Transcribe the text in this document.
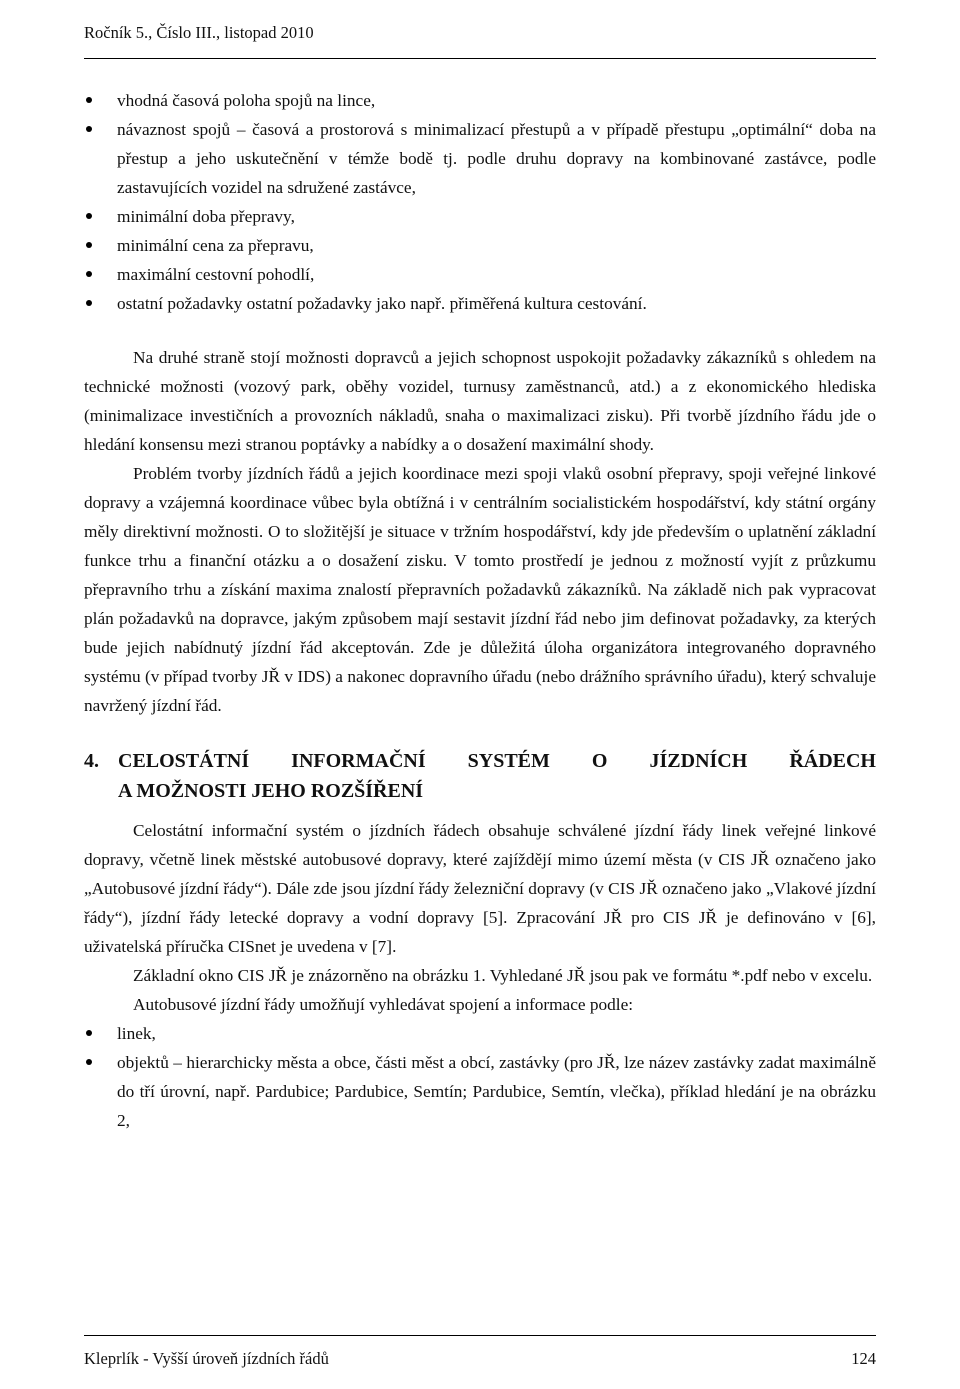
Ročník 5., Číslo III., listopad 2010
vhodná časová poloha spojů na lince,
návaznost spojů – časová a prostorová s minimalizací přestupů a v případě přestupu „optimální“ doba na přestup a jeho uskutečnění v témže bodě tj. podle druhu dopravy na kombinované zastávce, podle zastavujících vozidel na sdružené zastávce,
minimální doba přepravy,
minimální cena za přepravu,
maximální cestovní pohodlí,
ostatní požadavky ostatní požadavky jako např. přiměřená kultura cestování.

Na druhé straně stojí možnosti dopravců a jejich schopnost uspokojit požadavky zákazníků s ohledem na technické možnosti (vozový park, oběhy vozidel, turnusy zaměstnanců, atd.) a z ekonomického hlediska (minimalizace investičních a provozních nákladů, snaha o maximalizaci zisku). Při tvorbě jízdního řádu jde o hledání konsensu mezi stranou poptávky a nabídky a o dosažení maximální shody.

Problém tvorby jízdních řádů a jejich koordinace mezi spoji vlaků osobní přepravy, spoji veřejné linkové dopravy a vzájemná koordinace vůbec byla obtížná i v centrálním socialistickém hospodářství, kdy státní orgány měly direktivní možnosti. O to složitější je situace v tržním hospodářství, kdy jde především o uplatnění základní funkce trhu a finanční otázku a o dosažení zisku. V tomto prostředí je jednou z možností vyjít z průzkumu přepravního trhu a získání maxima znalostí přepravních požadavků zákazníků. Na základě nich pak vypracovat plán požadavků na dopravce, jakým způsobem mají sestavit jízdní řád nebo jim definovat požadavky, za kterých bude jejich nabídnutý jízdní řád akceptován. Zde je důležitá úloha organizátora integrovaného dopravného systému (v případ tvorby JŘ v IDS) a nakonec dopravního úřadu (nebo drážního správního úřadu), který schvaluje navržený jízdní řád.

4. CELOSTÁTNÍ INFORMAČNÍ SYSTÉM O JÍZDNÍCH ŘÁDECH
A MOŽNOSTI JEHO ROZŠÍŘENÍ

Celostátní informační systém o jízdních řádech obsahuje schválené jízdní řády linek veřejné linkové dopravy, včetně linek městské autobusové dopravy, které zajíždějí mimo území města (v CIS JŘ označeno jako „Autobusové jízdní řády“). Dále zde jsou jízdní řády železniční dopravy (v CIS JŘ označeno jako „Vlakové jízdní řády“), jízdní řády letecké dopravy a vodní dopravy [5]. Zpracování JŘ pro CIS JŘ je definováno v [6], uživatelská příručka CISnet je uvedena v [7].

Základní okno CIS JŘ je znázorněno na obrázku 1. Vyhledané JŘ jsou pak ve formátu *.pdf nebo v excelu.

Autobusové jízdní řády umožňují vyhledávat spojení a informace podle:

linek,
objektů – hierarchicky města a obce, části měst a obcí, zastávky (pro JŘ, lze název zastávky zadat maximálně do tří úrovní, např. Pardubice; Pardubice, Semtín; Pardubice, Semtín, vlečka), příklad hledání je na obrázku 2,
Kleprlík - Vyšší úroveň jízdních řádů	124
